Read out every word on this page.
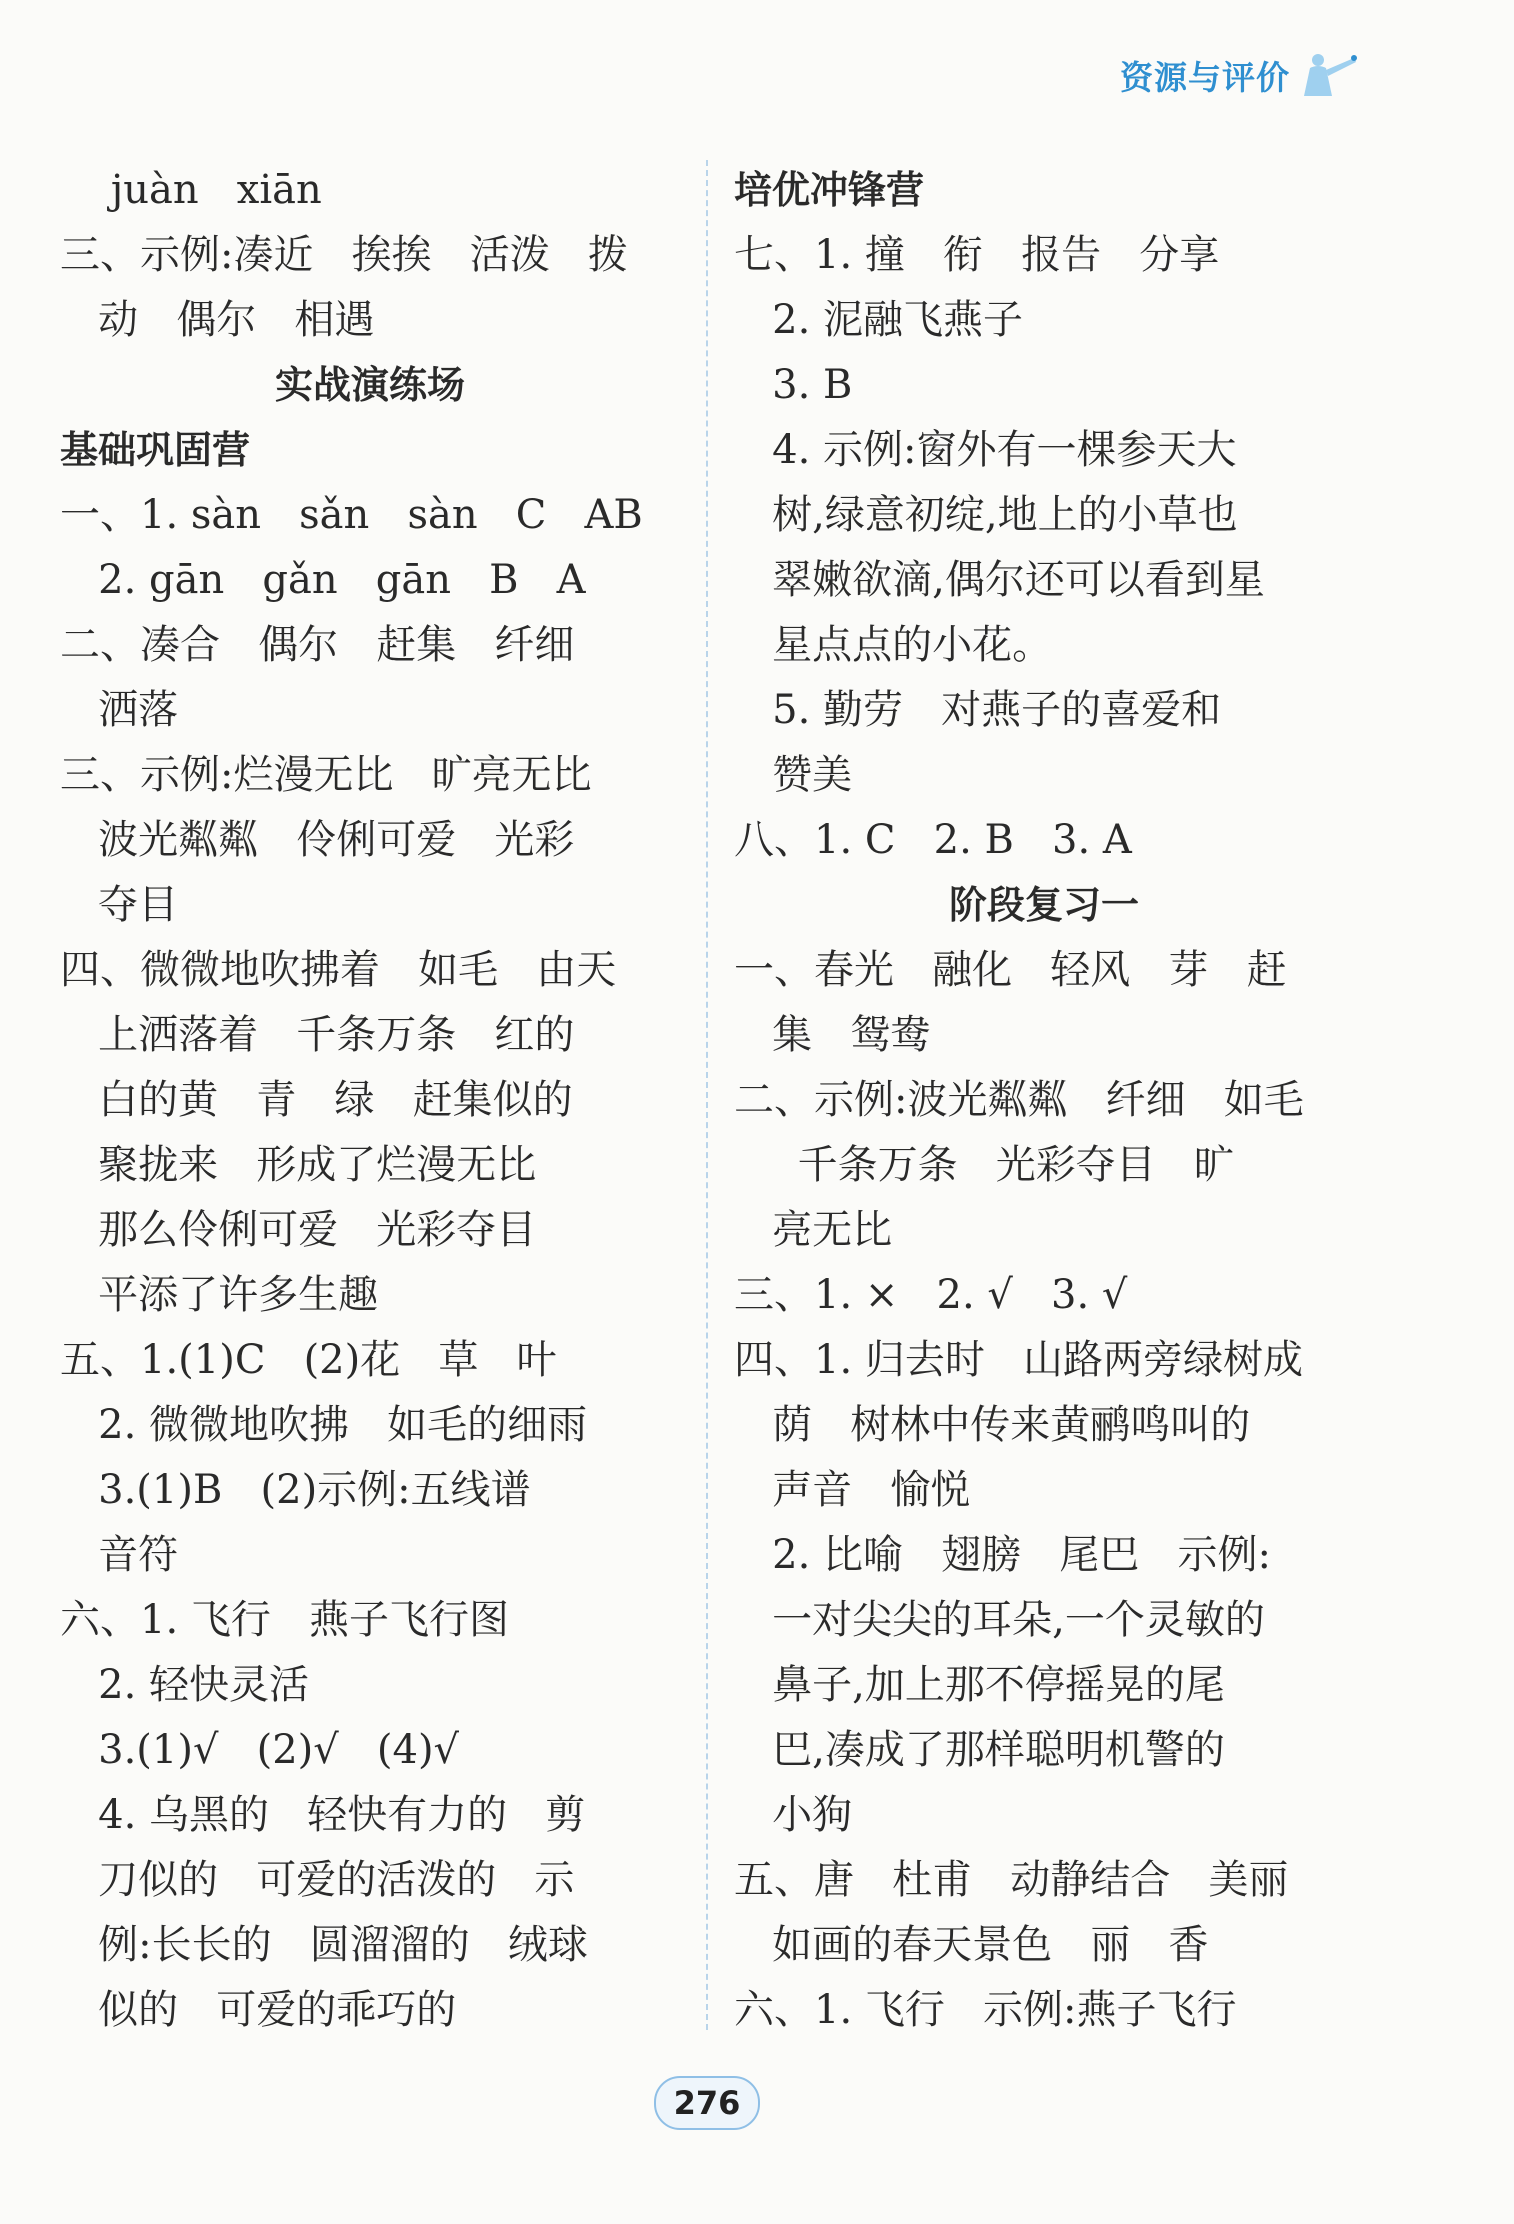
资源与评价
juàn   xiān
三、示例:凑近   挨挨   活泼   拨
动   偶尔   相遇
实战演练场
基础巩固营
一、1. sàn   sǎn   sàn   C   AB
2. gān   gǎn   gān   B   A
二、凑合   偶尔   赶集   纤细
洒落
三、示例:烂漫无比   旷亮无比
波光粼粼   伶俐可爱   光彩
夺目
四、微微地吹拂着   如毛   由天
上洒落着   千条万条   红的
白的黄   青   绿   赶集似的
聚拢来   形成了烂漫无比
那么伶俐可爱   光彩夺目
平添了许多生趣
五、1.(1)C   (2)花   草   叶
2. 微微地吹拂   如毛的细雨
3.(1)B   (2)示例:五线谱
音符
六、1. 飞行   燕子飞行图
2. 轻快灵活
3.(1)√   (2)√   (4)√
4. 乌黑的   轻快有力的   剪
刀似的   可爱的活泼的   示
例:长长的   圆溜溜的   绒球
似的   可爱的乖巧的
培优冲锋营
七、1. 撞   衔   报告   分享
2. 泥融飞燕子
3. B
4. 示例:窗外有一棵参天大
树,绿意初绽,地上的小草也
翠嫩欲滴,偶尔还可以看到星
星点点的小花。
5. 勤劳   对燕子的喜爱和
赞美
八、1. C   2. B   3. A
阶段复习一
一、春光   融化   轻风   芽   赶
集   鸳鸯
二、示例:波光粼粼   纤细   如毛
千条万条   光彩夺目   旷
亮无比
三、1. ×   2. √   3. √
四、1. 归去时   山路两旁绿树成
荫   树林中传来黄鹂鸣叫的
声音   愉悦
2. 比喻   翅膀   尾巴   示例:
一对尖尖的耳朵,一个灵敏的
鼻子,加上那不停摇晃的尾
巴,凑成了那样聪明机警的
小狗
五、唐   杜甫   动静结合   美丽
如画的春天景色   丽   香
六、1. 飞行   示例:燕子飞行
276
